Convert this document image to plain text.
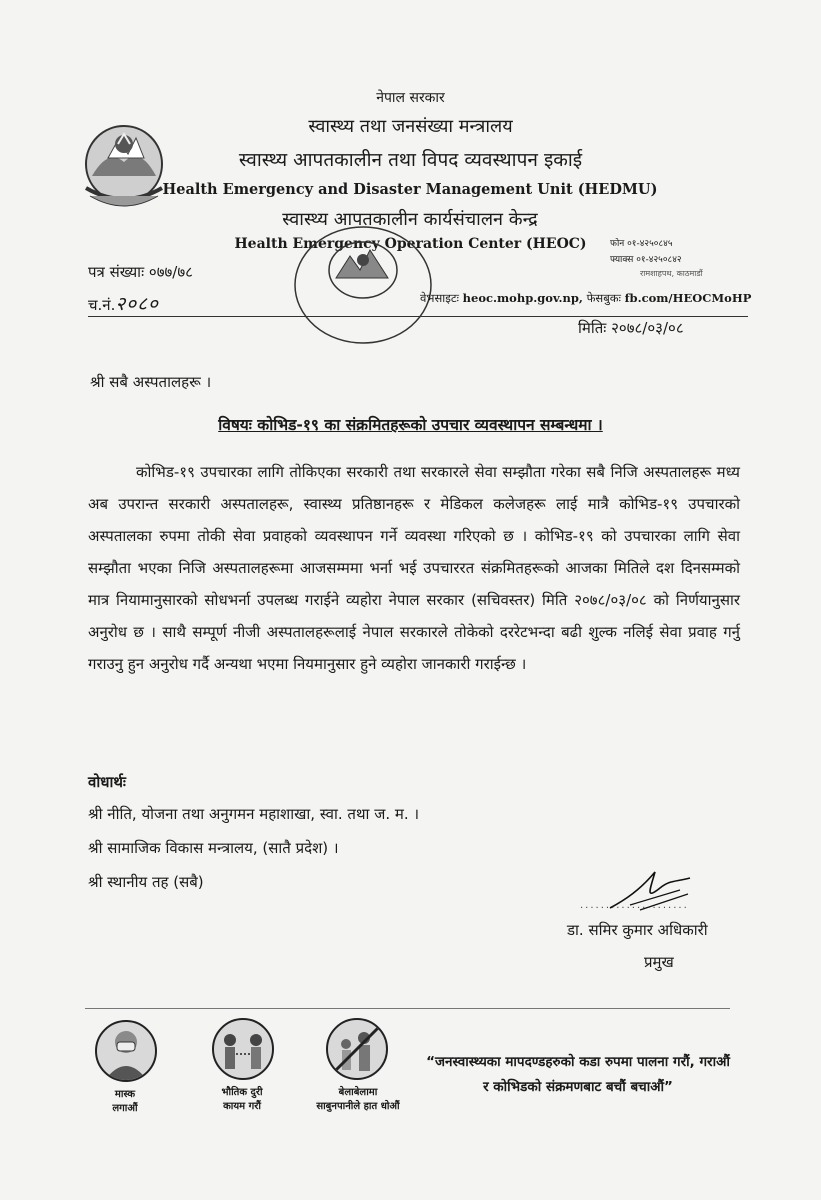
नेपाल सरकार
स्वास्थ्य तथा जनसंख्या मन्त्रालय
स्वास्थ्य आपतकालीन तथा विपद व्यवस्थापन इकाई
Health Emergency and Disaster Management Unit (HEDMU)
स्वास्थ्य आपतकालीन कार्यसंचालन केन्द्र
Health Emergency Operation Center (HEOC)	फोन ०१-४२५०८४५
फ्याक्स ०१-४२५०८४२
रामशाहपथ, काठमाडौं
पत्र संख्याः ०७७/७८
च.नं.२०८०	वेभसाइटः heoc.mohp.gov.np, फेसबुकः fb.com/HEOCMoHP
मितिः २०७८/०३/०८
श्री सबै अस्पतालहरू ।
विषयः कोभिड-१९ का संक्रमितहरूको उपचार व्यवस्थापन सम्बन्धमा ।
कोभिड-१९ उपचारका लागि तोकिएका सरकारी तथा सरकारले सेवा सम्झौता गरेका सबै निजि अस्पतालहरू मध्य अब उपरान्त सरकारी अस्पतालहरू, स्वास्थ्य प्रतिष्ठानहरू र मेडिकल कलेजहरू लाई मात्रै कोभिड-१९ उपचारको अस्पतालका रुपमा तोकी सेवा प्रवाहको व्यवस्थापन गर्ने व्यवस्था गरिएको छ । कोभिड-१९ को उपचारका लागि सेवा सम्झौता भएका निजि अस्पतालहरूमा आजसम्ममा भर्ना भई उपचाररत संक्रमितहरूको आजका मितिले दश दिनसम्मको मात्र नियामानुसारको सोधभर्ना उपलब्ध गराईने व्यहोरा नेपाल सरकार (सचिवस्तर) मिति २०७८/०३/०८ को निर्णयानुसार अनुरोध छ । साथै सम्पूर्ण नीजी अस्पतालहरूलाई नेपाल सरकारले तोकेको दररेटभन्दा बढी शुल्क नलिई सेवा प्रवाह गर्नु गराउनु हुन अनुरोध गर्दै अन्यथा भएमा नियमानुसार हुने व्यहोरा जानकारी गराईन्छ ।
वोधार्थः
श्री नीति, योजना तथा अनुगमन महाशाखा, स्वा. तथा ज. म. ।
श्री सामाजिक विकास मन्त्रालय, (सातै प्रदेश) ।
श्री स्थानीय तह (सबै)
.....................
डा. समिर कुमार अधिकारी
प्रमुख
मास्क
लगाऔं
भौतिक दुरी
कायम गरौं
बेलाबेलामा
साबुनपानीले हात धोऔं
“जनस्वास्थ्यका मापदण्डहरुको कडा रुपमा पालना गरौं, गराऔं
र कोभिडको संक्रमणबाट बचौं बचाऔं”
